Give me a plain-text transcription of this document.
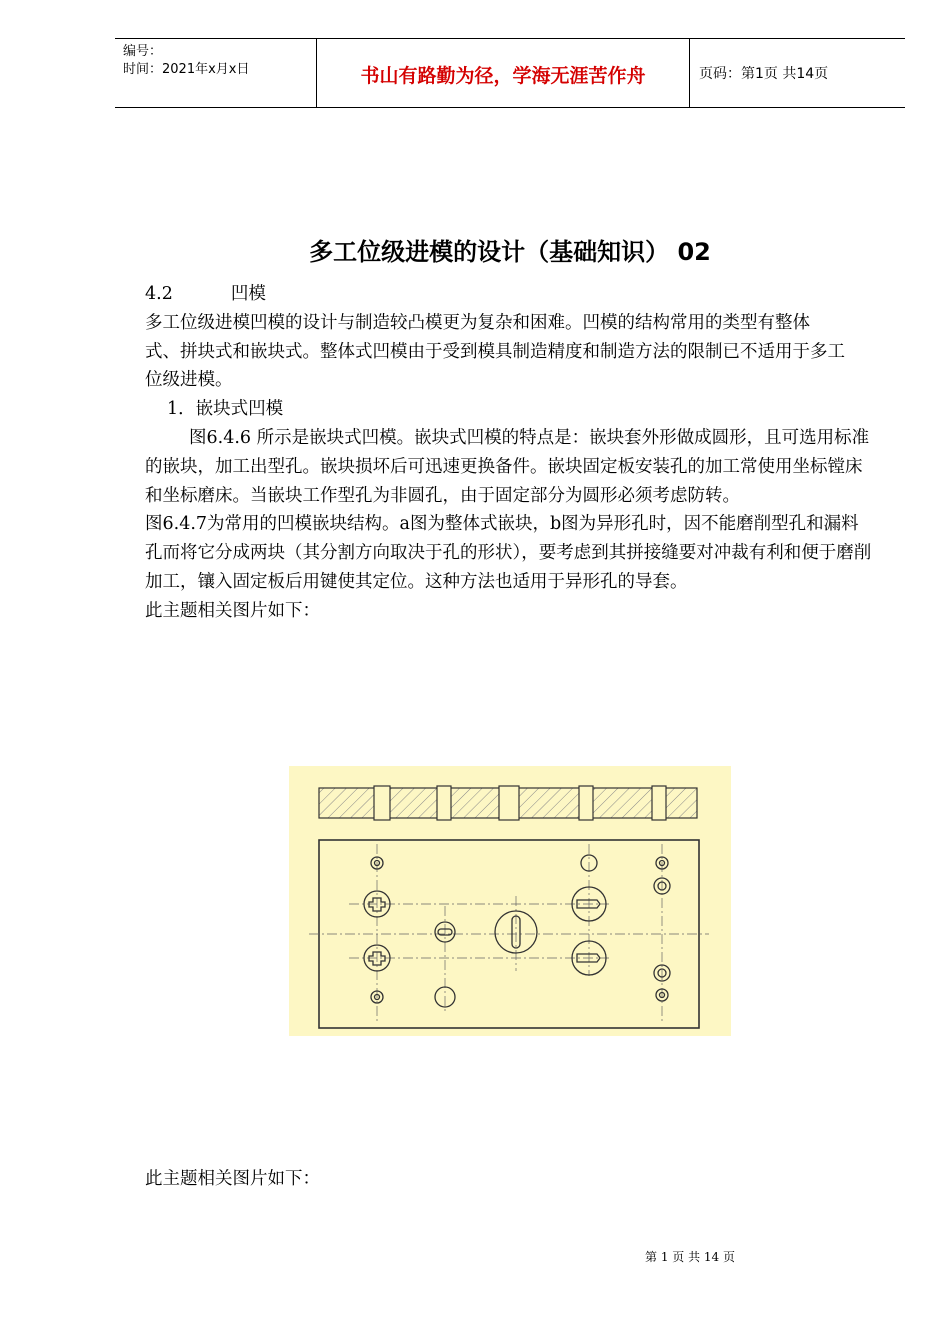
编号：
时间：2021年x月x日	书山有路勤为径，学海无涯苦作舟	页码：第1页 共14页
多工位级进模的设计（基础知识） 02

4.2	凹模

多工位级进模凹模的设计与制造较凸模更为复杂和困难。凹模的结构常用的类型有整体

式、拼块式和嵌块式。整体式凹模由于受到模具制造精度和制造方法的限制已不适用于多工

位级进模。

1．嵌块式凹模

图6.4.6 所示是嵌块式凹模。嵌块式凹模的特点是：嵌块套外形做成圆形，且可选用标准的嵌块，加工出型孔。嵌块损坏后可迅速更换备件。嵌块固定板安装孔的加工常使用坐标镗床和坐标磨床。当嵌块工作型孔为非圆孔，由于固定部分为圆形必须考虑防转。

图6.4.7为常用的凹模嵌块结构。a图为整体式嵌块，b图为异形孔时，因不能磨削型孔和漏料孔而将它分成两块（其分割方向取决于孔的形状），要考虑到其拼接缝要对冲裁有利和便于磨削加工，镶入固定板后用键使其定位。这种方法也适用于异形孔的导套。

此主题相关图片如下：

此主题相关图片如下：
第 1 页 共 14 页
